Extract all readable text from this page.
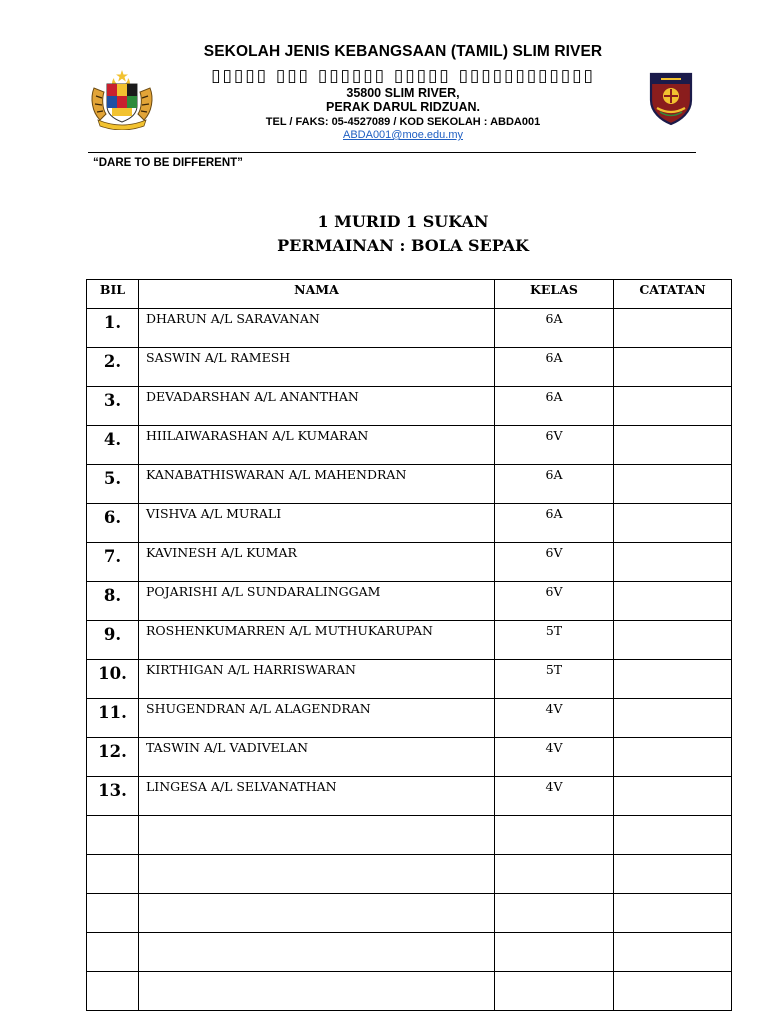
SEKOLAH JENIS KEBANGSAAN (TAMIL) SLIM RIVER
▯▯▯▯▯ ▯▯▯ ▯▯▯▯▯▯ ▯▯▯▯▯ ▯▯▯▯▯▯▯▯▯▯▯▯
35800 SLIM RIVER,
PERAK DARUL RIDZUAN.
TEL / FAKS: 05-4527089 / KOD SEKOLAH : ABDA001
ABDA001@moe.edu.my
“DARE TO BE DIFFERENT”
1 MURID 1 SUKAN
PERMAINAN : BOLA SEPAK
BIL	NAMA	KELAS	CATATAN
1.	DHARUN A/L SARAVANAN	6A	
2.	SASWIN A/L RAMESH	6A	
3.	DEVADARSHAN A/L ANANTHAN	6A	
4.	HIILAIWARASHAN A/L KUMARAN	6V	
5.	KANABATHISWARAN A/L MAHENDRAN	6A	
6.	VISHVA A/L MURALI	6A	
7.	KAVINESH A/L KUMAR	6V	
8.	POJARISHI A/L SUNDARALINGGAM	6V	
9.	ROSHENKUMARREN A/L MUTHUKARUPAN	5T	
10.	KIRTHIGAN A/L HARRISWARAN	5T	
11.	SHUGENDRAN A/L ALAGENDRAN	4V	
12.	TASWIN A/L VADIVELAN	4V	
13.	LINGESA A/L SELVANATHAN	4V	
